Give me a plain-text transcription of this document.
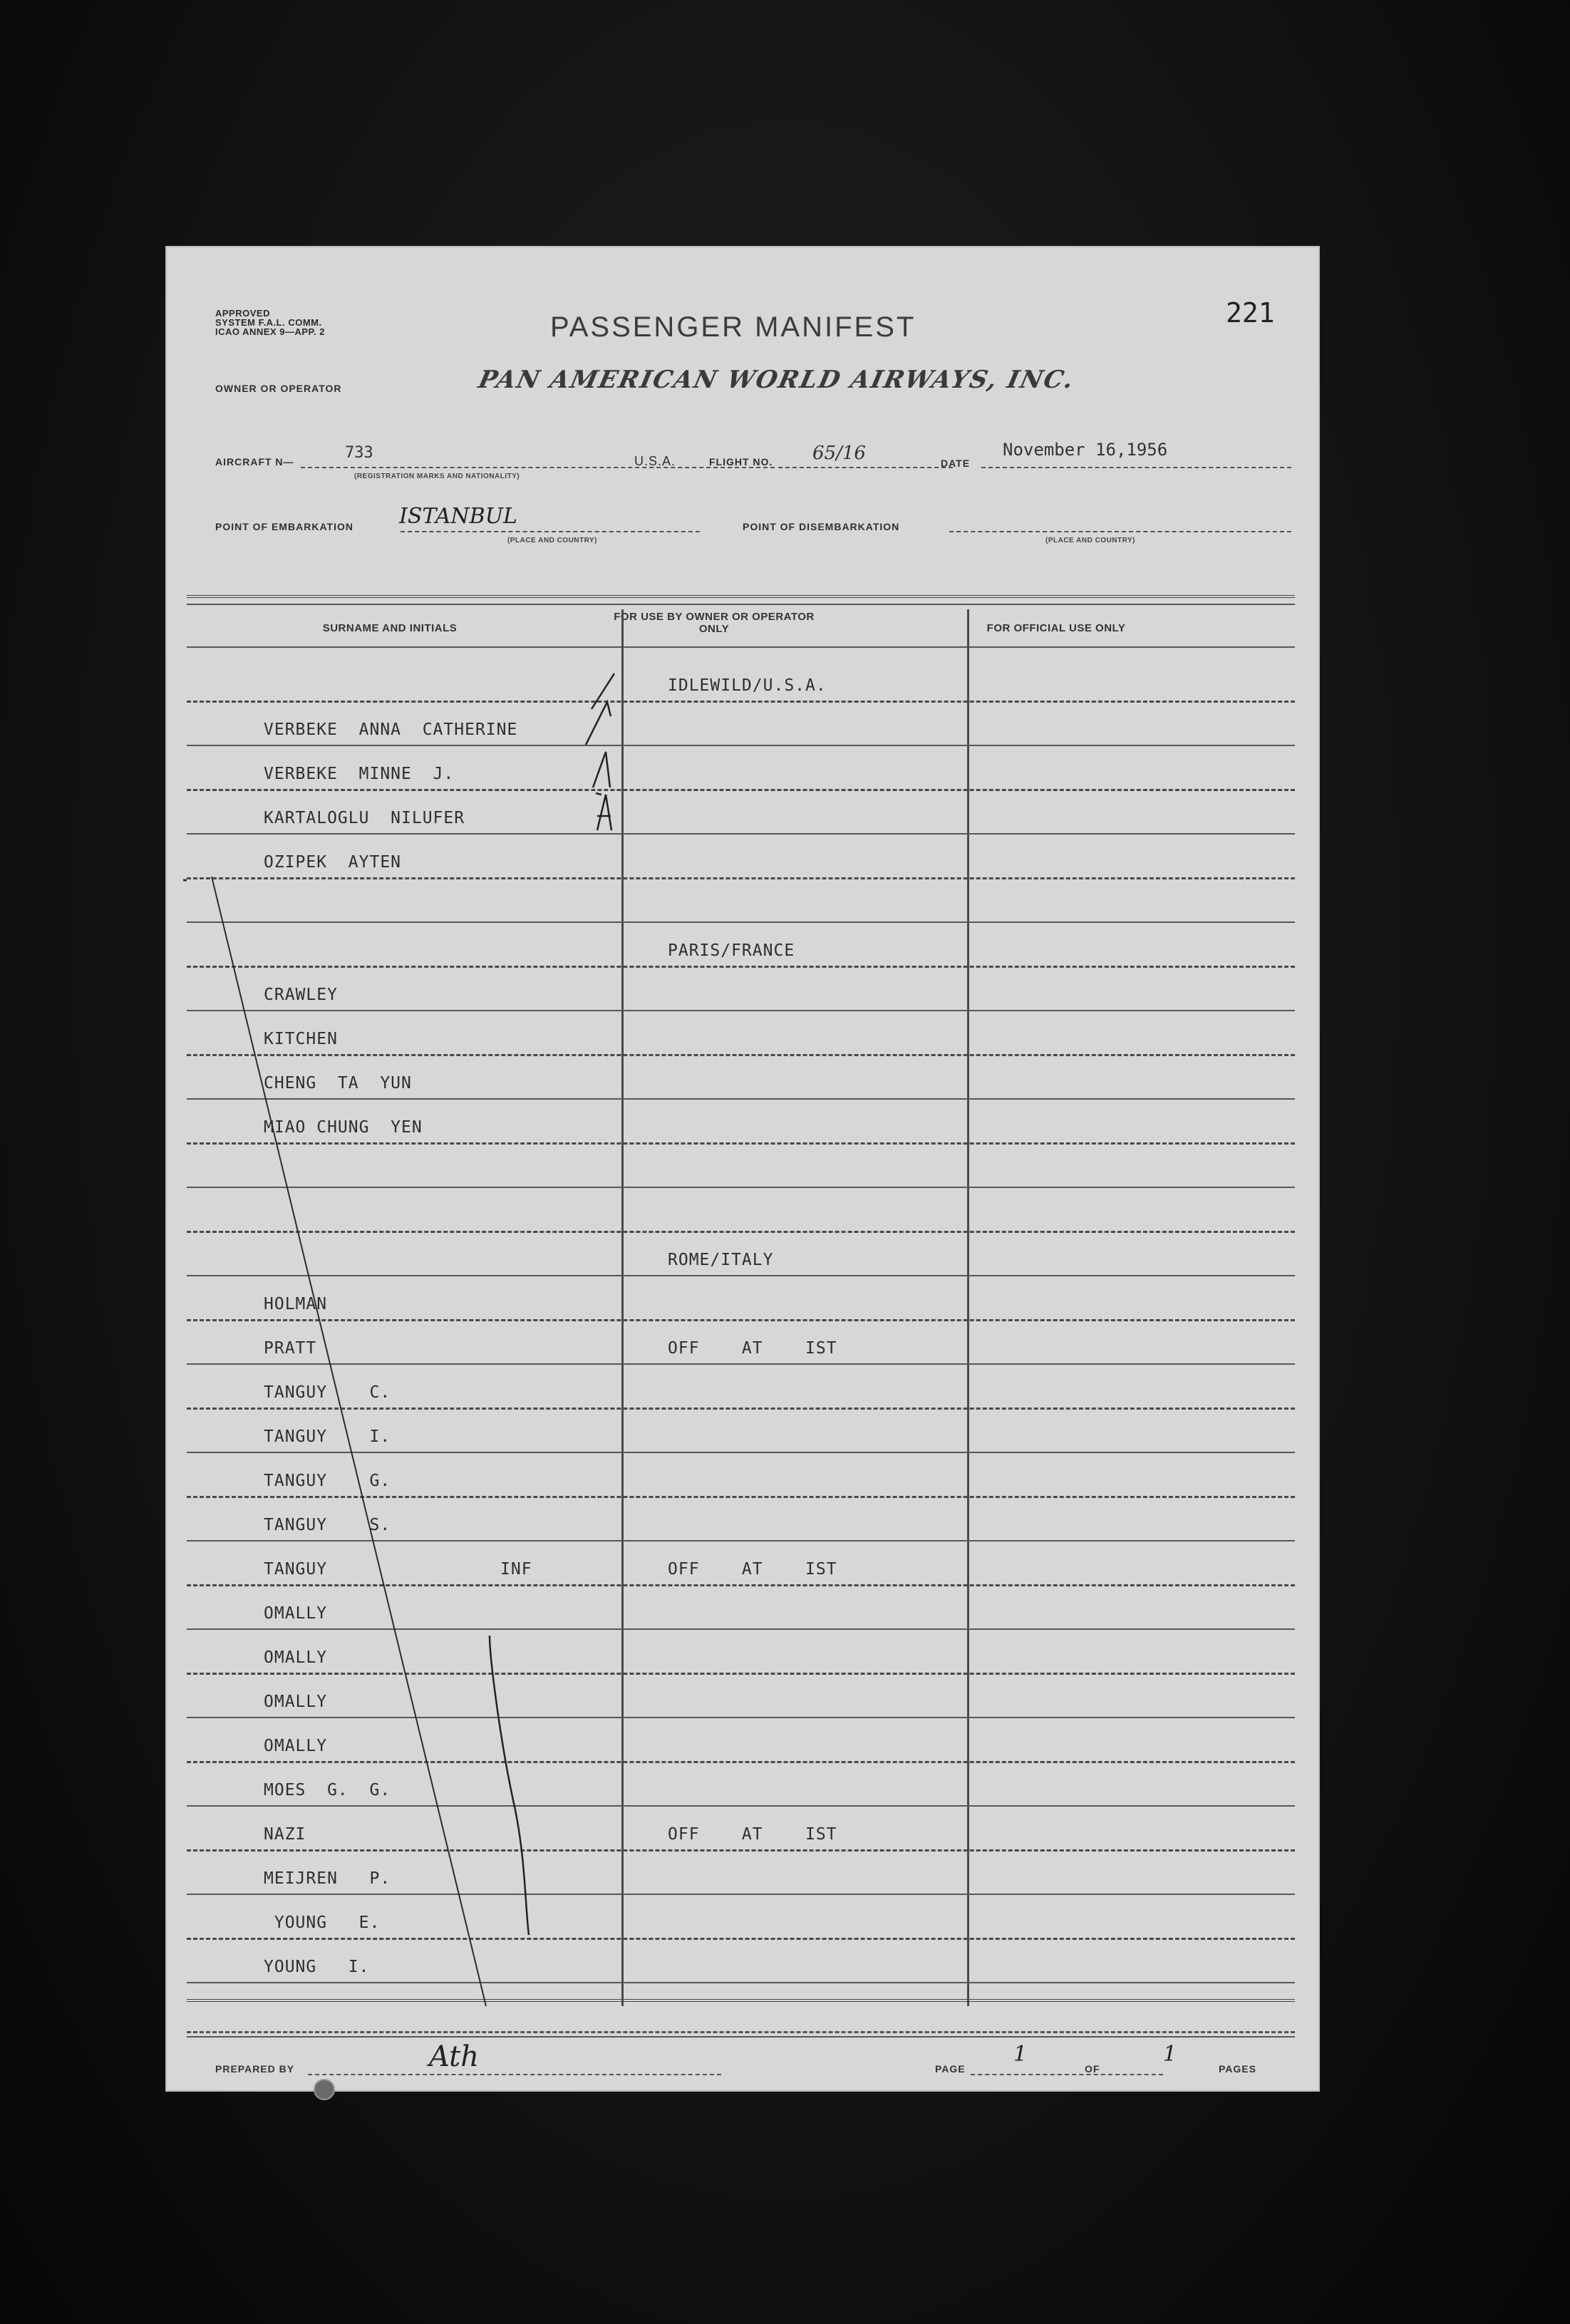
APPROVED
SYSTEM F.A.L. COMM.
ICAO ANNEX 9—APP. 2	PASSENGER MANIFEST	221
OWNER OR OPERATOR	PAN AMERICAN WORLD AIRWAYS, INC.
AIRCRAFT N—	733
(REGISTRATION MARKS AND NATIONALITY)
U.S.A.	FLIGHT NO. 65/16	DATE
November 16,1956
POINT OF EMBARKATION ISTANBUL
(PLACE AND COUNTRY)
POINT OF DISEMBARKATION
(PLACE AND COUNTRY)
SURNAME AND INITIALS
FOR USE BY OWNER OR OPERATOR ONLY	FOR OFFICIAL USE ONLY
IDLEWILD/U.S.A.
VERBEKE  ANNA  CATHERINE
VERBEKE  MINNE  J.
KARTALOGLU  NILUFER
OZIPEK  AYTEN
PARIS/FRANCE
CRAWLEY
KITCHEN
CHENG  TA  YUN
MIAO CHUNG  YEN
ROME/ITALY
HOLMAN
PRATT	OFF    AT    IST
TANGUY    C.
TANGUY    I.
TANGUY    G.
TANGUY    S.
TANGUY	INF	OFF    AT    IST
OMALLY
OMALLY
OMALLY
OMALLY
MOES  G.  G.
NAZI	OFF    AT    IST
MEIJREN   P.
YOUNG   E.
YOUNG   I.
PREPARED BY	Ath	PAGE
1
OF
1
PAGES
